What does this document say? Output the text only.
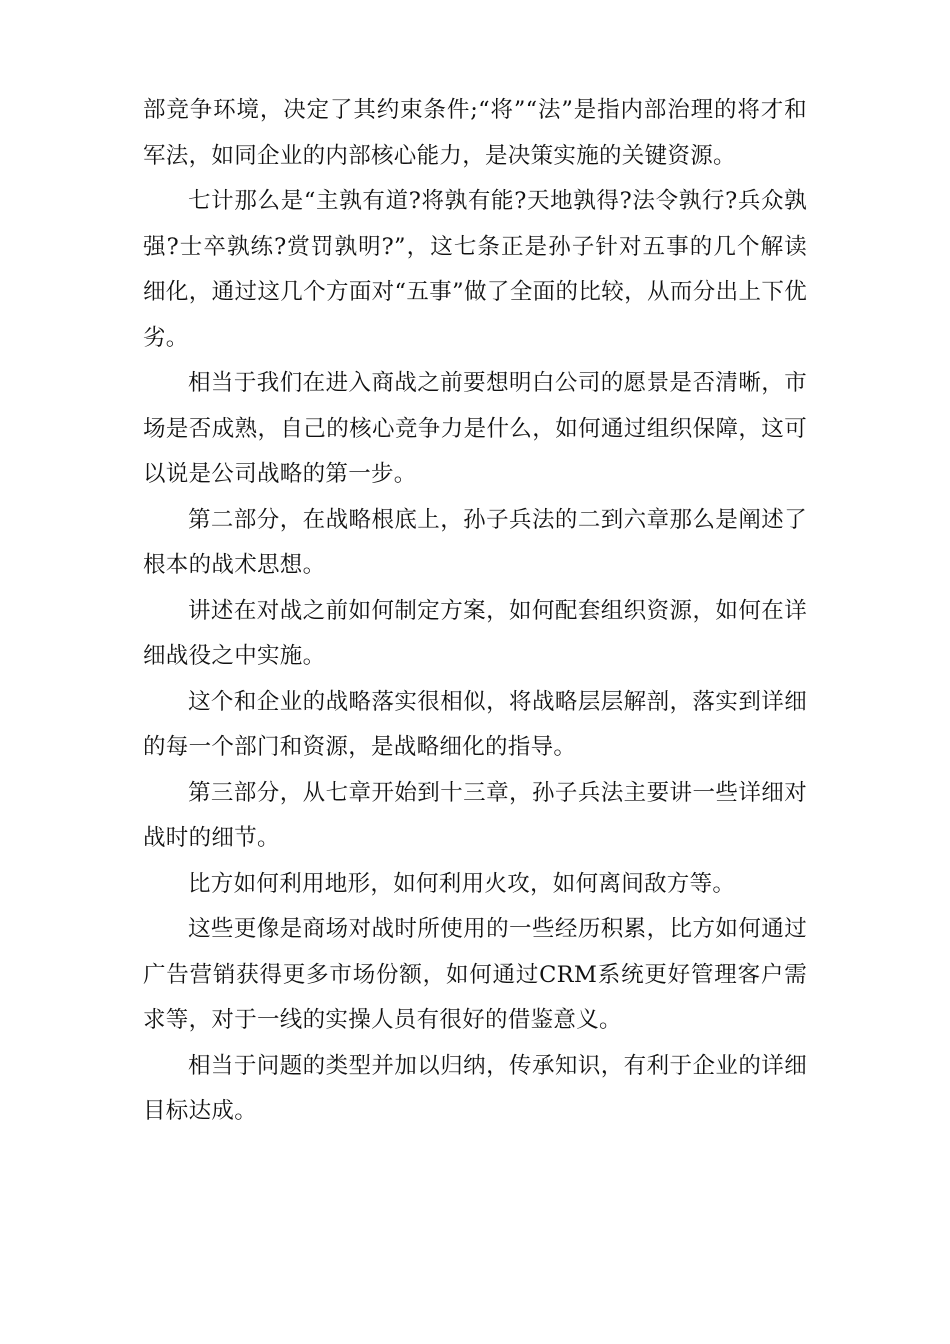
部竞争环境，决定了其约束条件;“将”“法”是指内部治理的将才和军法，如同企业的内部核心能力，是决策实施的关键资源。

七计那么是“主孰有道?将孰有能?天地孰得?法令孰行?兵众孰强?士卒孰练?赏罚孰明?”，这七条正是孙子针对五事的几个解读细化，通过这几个方面对“五事”做了全面的比较，从而分出上下优劣。

相当于我们在进入商战之前要想明白公司的愿景是否清晰，市场是否成熟，自己的核心竞争力是什么，如何通过组织保障，这可以说是公司战略的第一步。

第二部分，在战略根底上，孙子兵法的二到六章那么是阐述了根本的战术思想。

讲述在对战之前如何制定方案，如何配套组织资源，如何在详细战役之中实施。

这个和企业的战略落实很相似，将战略层层解剖，落实到详细的每一个部门和资源，是战略细化的指导。

第三部分，从七章开始到十三章，孙子兵法主要讲一些详细对战时的细节。

比方如何利用地形，如何利用火攻，如何离间敌方等。

这些更像是商场对战时所使用的一些经历积累，比方如何通过广告营销获得更多市场份额，如何通过CRM系统更好管理客户需求等，对于一线的实操人员有很好的借鉴意义。

相当于问题的类型并加以归纳，传承知识，有利于企业的详细目标达成。
